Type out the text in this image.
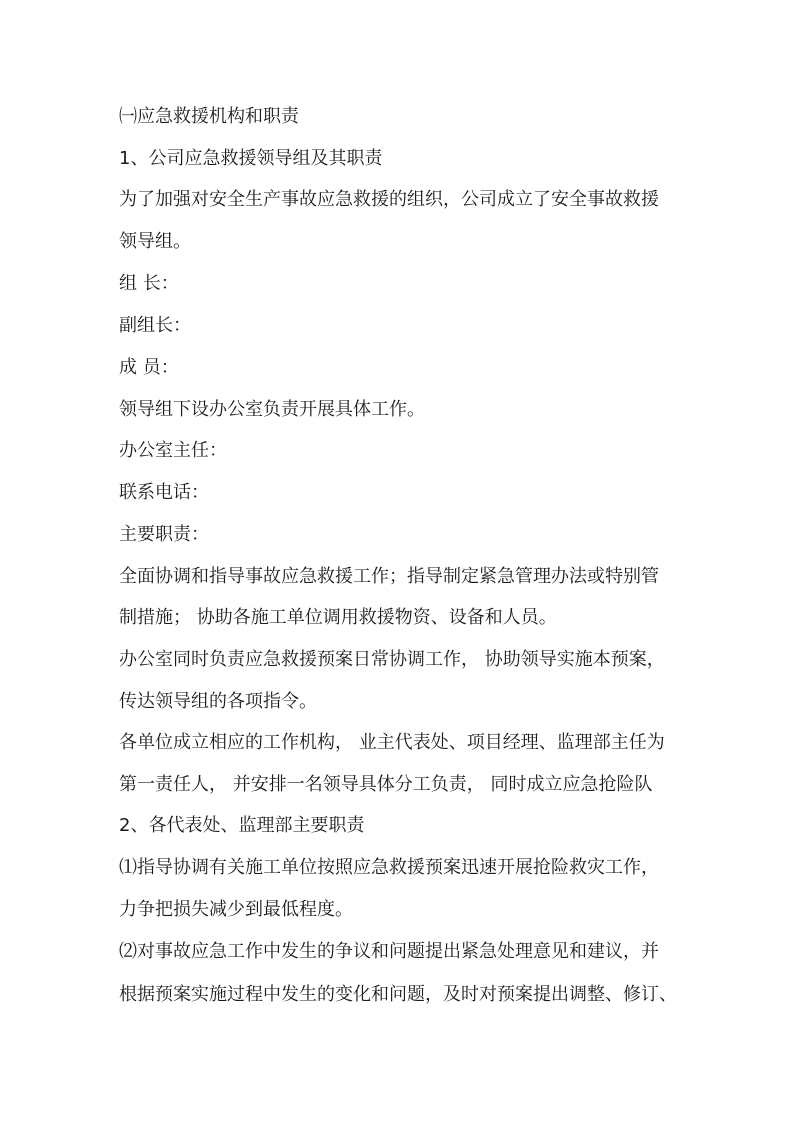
㈠应急救援机构和职责
1、公司应急救援领导组及其职责
为了加强对安全生产事故应急救援的组织，公司成立了安全事故救援
领导组。
组 长：
副组长：
成 员：
领导组下设办公室负责开展具体工作。
办公室主任：
联系电话：
主要职责：
全面协调和指导事故应急救援工作；指导制定紧急管理办法或特别管
制措施； 协助各施工单位调用救援物资、设备和人员。
办公室同时负责应急救援预案日常协调工作， 协助领导实施本预案，
传达领导组的各项指令。
各单位成立相应的工作机构， 业主代表处、项目经理、监理部主任为
第一责任人， 并安排一名领导具体分工负责， 同时成立应急抢险队
2、各代表处、监理部主要职责
⑴指导协调有关施工单位按照应急救援预案迅速开展抢险救灾工作，
力争把损失减少到最低程度。
⑵对事故应急工作中发生的争议和问题提出紧急处理意见和建议，并
根据预案实施过程中发生的变化和问题，及时对预案提出调整、修订、
